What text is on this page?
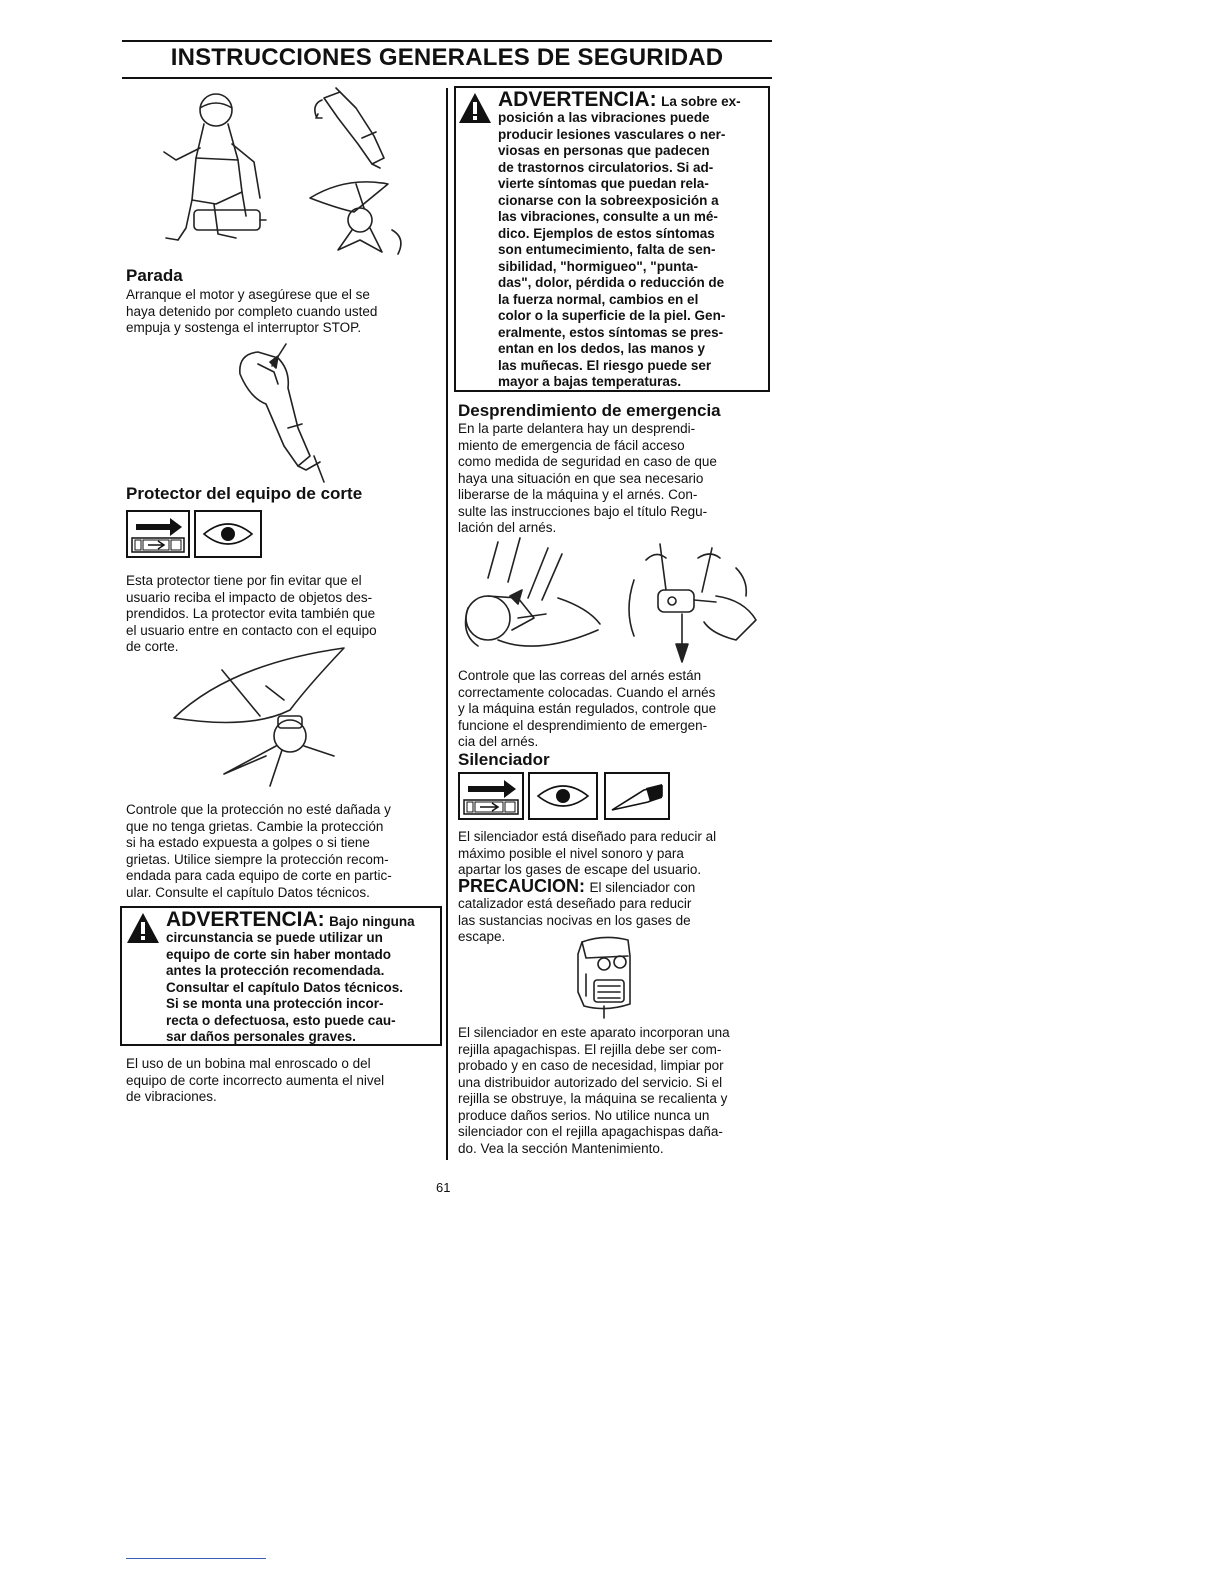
INSTRUCCIONES GENERALES DE SEGURIDAD
Parada
Arranque el motor y asegúrese que el se
haya detenido por completo cuando usted
empuja y sostenga el interruptor STOP.
Protector del equipo de corte
Esta protector tiene por fin evitar que el
usuario reciba el impacto de objetos des-
prendidos. La protector evita también que
el usuario entre en contacto con el equipo
de corte.
Controle que la protección no esté dañada y
que no tenga grietas. Cambie la protección
si ha estado expuesta a golpes o si tiene
grietas. Utilice siempre la protección recom-
endada para cada equipo de corte en partic-
ular. Consulte el capítulo Datos técnicos.
ADVERTENCIA: Bajo ninguna
circunstancia se puede utilizar un
equipo de corte sin haber montado
antes la protección recomendada.
Consultar el capítulo Datos técnicos.
Si se monta una protección incor-
recta o defectuosa, esto puede cau-
sar daños personales graves.
El uso de un bobina mal enroscado o del
equipo de corte incorrecto aumenta el nivel
de vibraciones.
ADVERTENCIA: La sobre ex-
posición a las vibraciones puede
producir lesiones vasculares o ner-
viosas en personas que padecen
de trastornos circulatorios. Si ad-
vierte síntomas que puedan rela-
cionarse con la sobreexposición a
las vibraciones, consulte a un mé-
dico. Ejemplos de estos síntomas
son entumecimiento, falta de sen-
sibilidad, "hormigueo", "punta-
das", dolor, pérdida o reducción de
la fuerza normal, cambios en el
color o la superficie de la piel. Gen-
eralmente, estos síntomas se pres-
entan en los dedos, las manos y
las muñecas. El riesgo puede ser
mayor a bajas temperaturas.
Desprendimiento de emergencia
En la parte delantera hay un desprendi-
miento de emergencia de fácil acceso
como medida de seguridad en caso de que
haya una situación en que sea necesario
liberarse de la máquina y el arnés. Con-
sulte las instrucciones bajo el título Regu-
lación del arnés.
Controle que las correas del arnés están
correctamente colocadas. Cuando el arnés
y la máquina están regulados, controle que
funcione el desprendimiento de emergen-
cia del arnés.
Silenciador
El silenciador está diseñado para reducir al
máximo posible el nivel sonoro y para
apartar los gases de escape del usuario.
PRECAUCION: El silenciador con
catalizador está deseñado para reducir
las sustancias nocivas en los gases de
escape.
El silenciador en este aparato incorporan una
rejilla apagachispas. El rejilla debe ser com-
probado y en caso de necesidad, limpiar por
una distribuidor autorizado del servicio. Si el
rejilla se obstruye, la máquina se recalienta y
produce daños serios. No utilice nunca un
silenciador con el rejilla apagachispas daña-
do. Vea la sección Mantenimiento.
61
